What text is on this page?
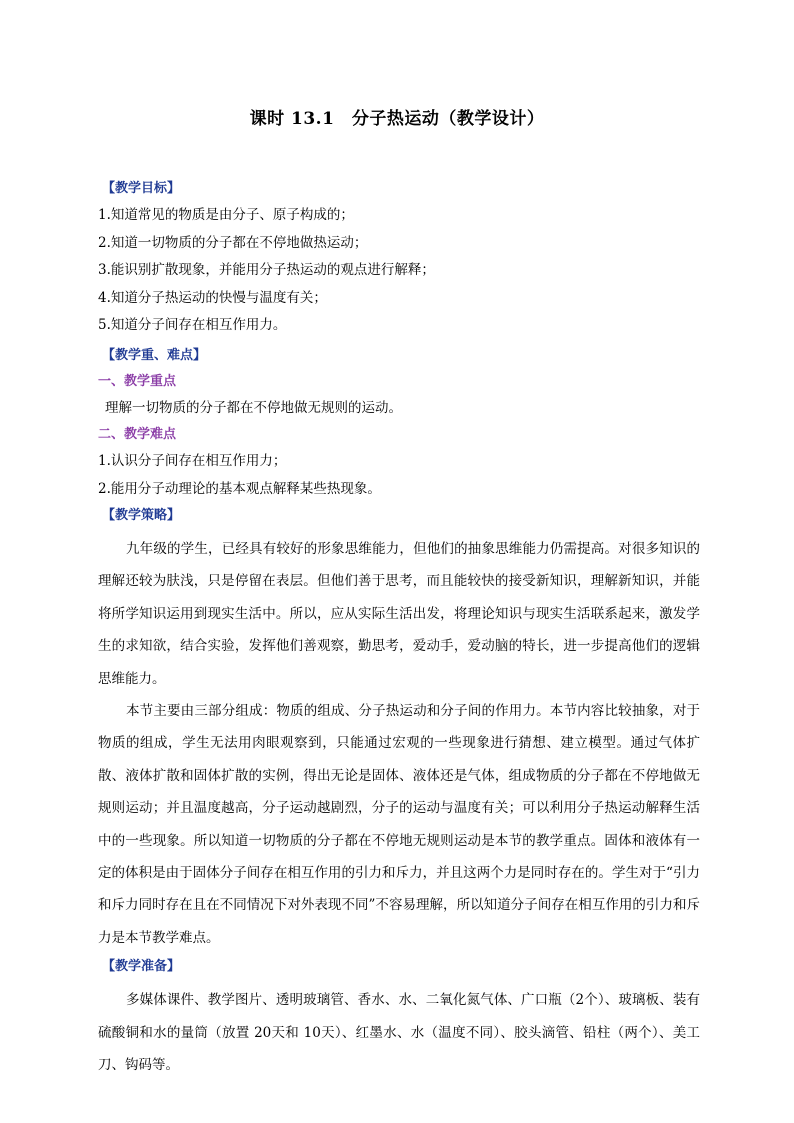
课时 13.1　分子热运动（教学设计）
【教学目标】
1.知道常见的物质是由分子、原子构成的；
2.知道一切物质的分子都在不停地做热运动；
3.能识别扩散现象，并能用分子热运动的观点进行解释；
4.知道分子热运动的快慢与温度有关；
5.知道分子间存在相互作用力。
【教学重、难点】
一、教学重点
理解一切物质的分子都在不停地做无规则的运动。
二、教学难点
1.认识分子间存在相互作用力；
2.能用分子动理论的基本观点解释某些热现象。
【教学策略】

九年级的学生，已经具有较好的形象思维能力，但他们的抽象思维能力仍需提高。对很多知识的理解还较为肤浅，只是停留在表层。但他们善于思考，而且能较快的接受新知识，理解新知识，并能将所学知识运用到现实生活中。所以，应从实际生活出发，将理论知识与现实生活联系起来，激发学生的求知欲，结合实验，发挥他们善观察，勤思考，爱动手，爱动脑的特长，进一步提高他们的逻辑思维能力。

本节主要由三部分组成：物质的组成、分子热运动和分子间的作用力。本节内容比较抽象，对于物质的组成，学生无法用肉眼观察到，只能通过宏观的一些现象进行猜想、建立模型。通过气体扩散、液体扩散和固体扩散的实例，得出无论是固体、液体还是气体，组成物质的分子都在不停地做无规则运动；并且温度越高，分子运动越剧烈，分子的运动与温度有关；可以利用分子热运动解释生活中的一些现象。所以知道一切物质的分子都在不停地无规则运动是本节的教学重点。固体和液体有一定的体积是由于固体分子间存在相互作用的引力和斥力，并且这两个力是同时存在的。学生对于“引力和斥力同时存在且在不同情况下对外表现不同”不容易理解，所以知道分子间存在相互作用的引力和斥力是本节教学难点。

【教学准备】

多媒体课件、教学图片、透明玻璃管、香水、水、二氧化氮气体、广口瓶（2个）、玻璃板、装有硫酸铜和水的量筒（放置 20天和 10天）、红墨水、水（温度不同）、胶头滴管、铅柱（两个）、美工刀、钩码等。
